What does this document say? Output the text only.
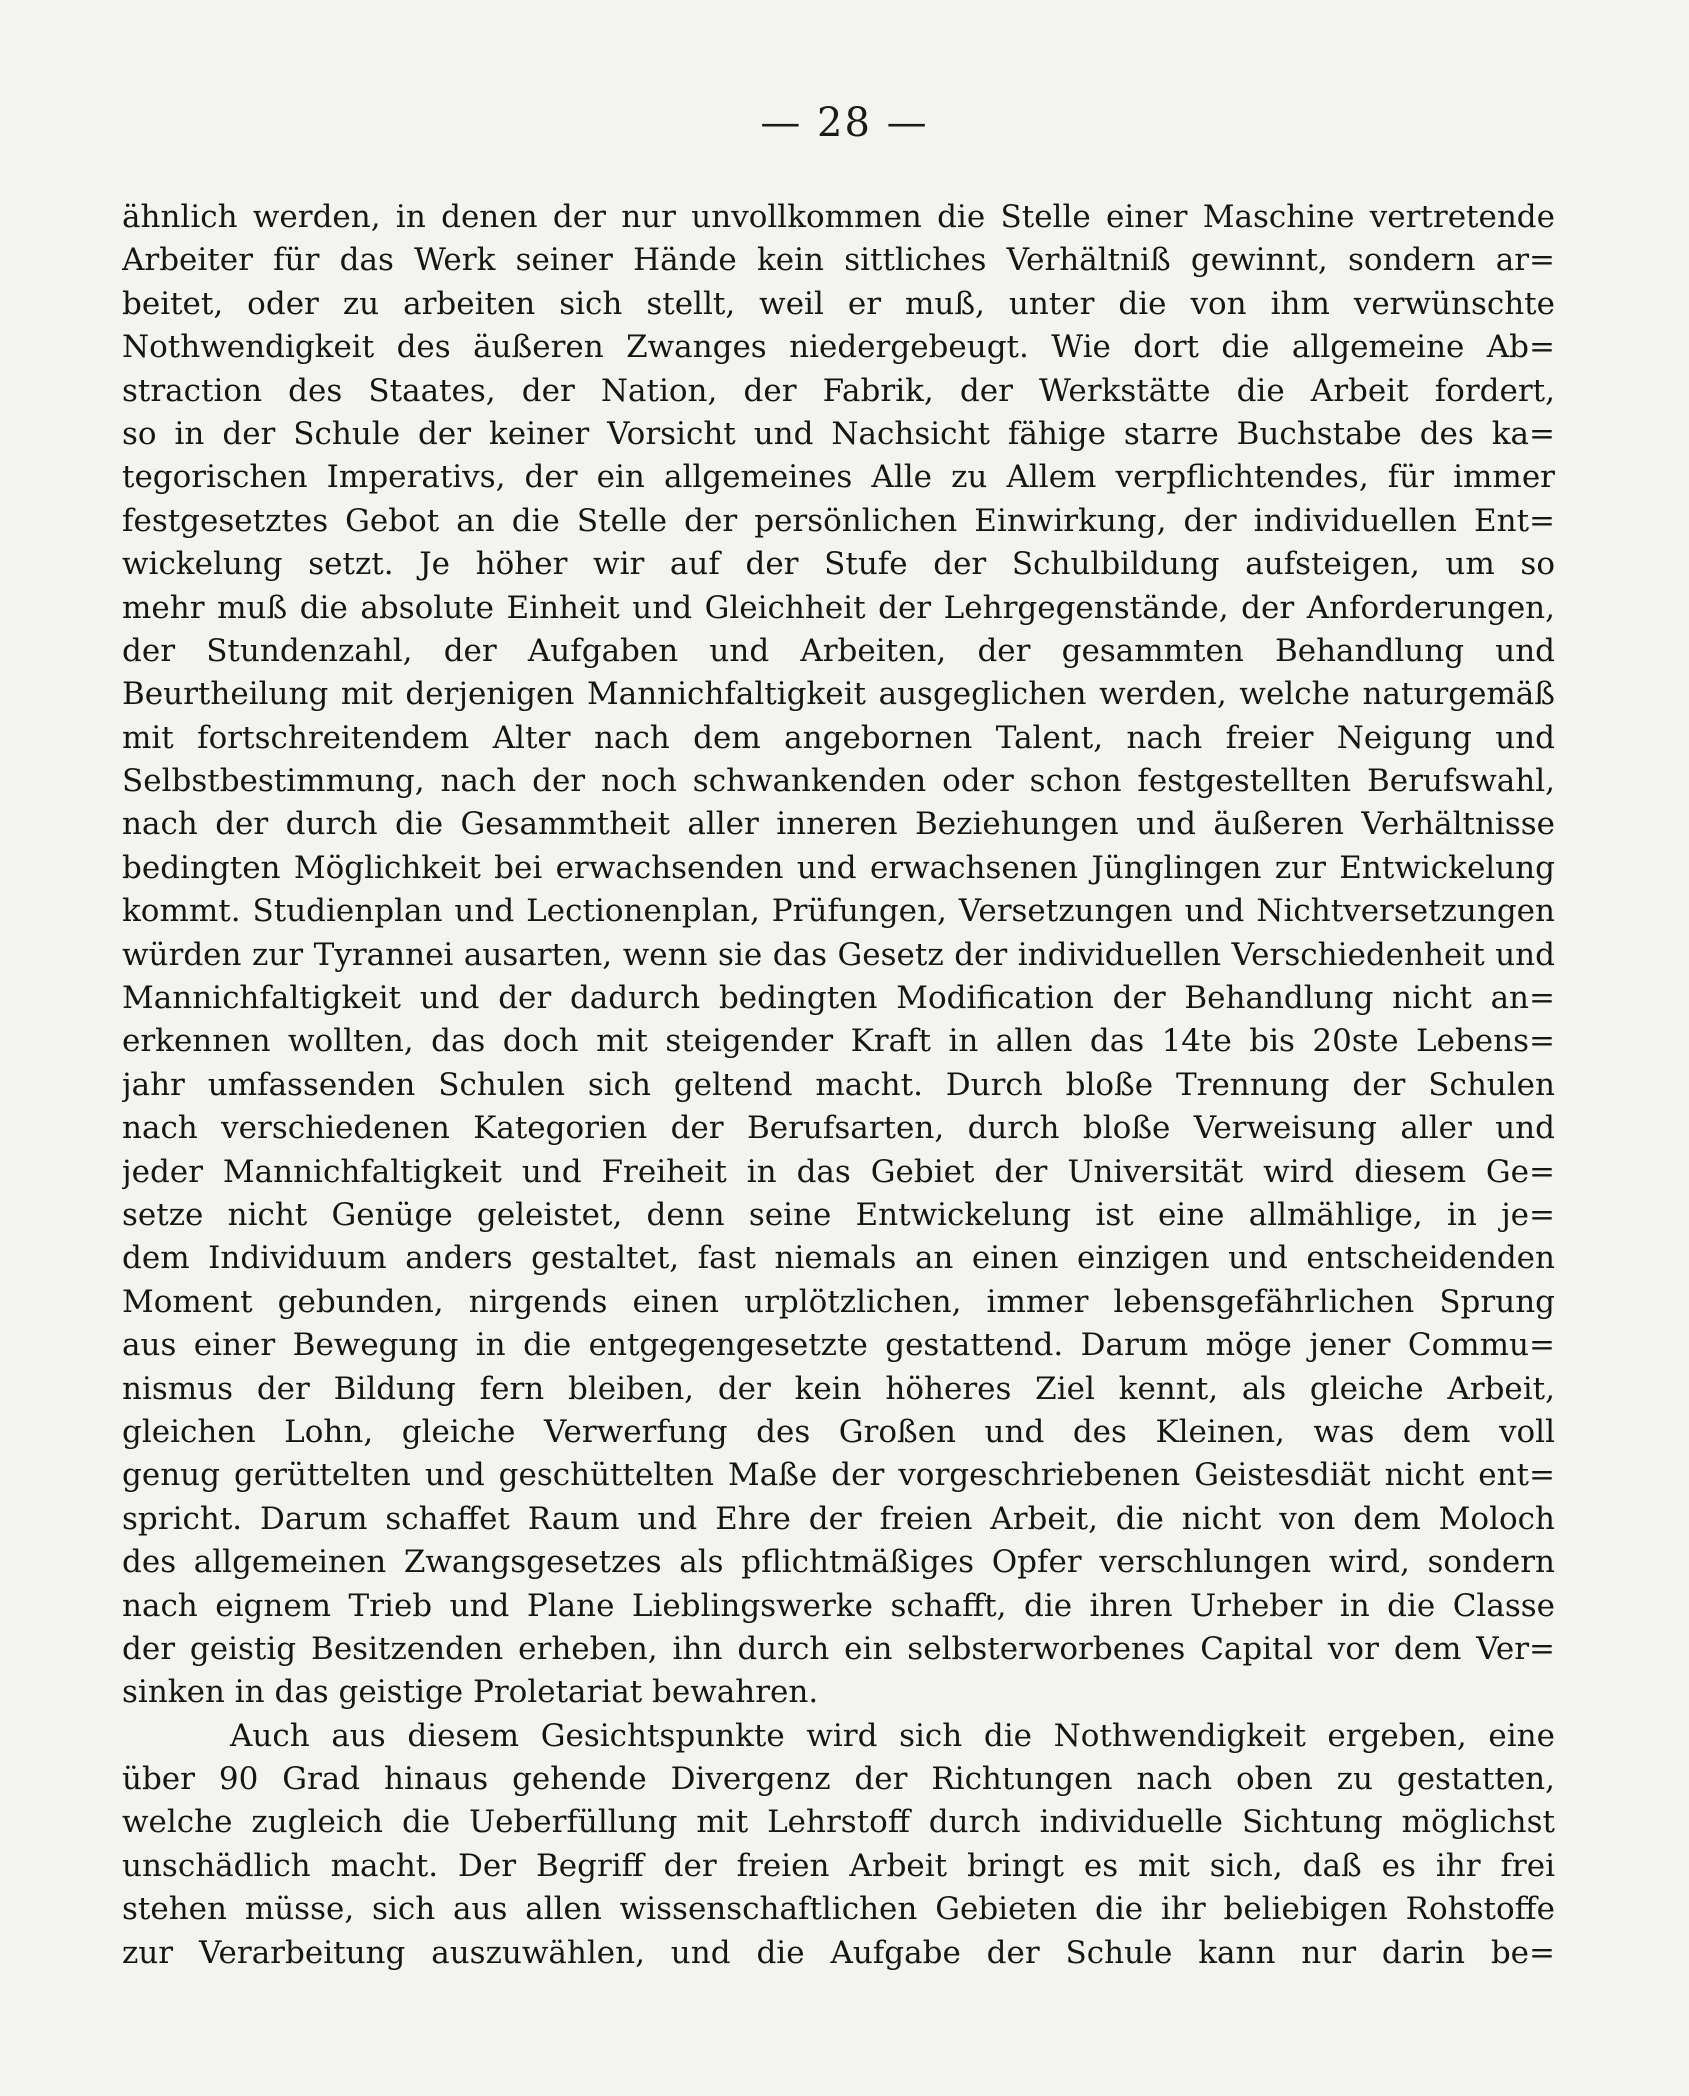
— 28 —
ähnlich werden, in denen der nur unvollkommen die Stelle einer Maschine vertretende
Arbeiter für das Werk seiner Hände kein sittliches Verhältniß gewinnt, sondern ar=
beitet, oder zu arbeiten sich stellt, weil er muß, unter die von ihm verwünschte
Nothwendigkeit des äußeren Zwanges niedergebeugt. Wie dort die allgemeine Ab=
straction des Staates, der Nation, der Fabrik, der Werkstätte die Arbeit fordert,
so in der Schule der keiner Vorsicht und Nachsicht fähige starre Buchstabe des ka=
tegorischen Imperativs, der ein allgemeines Alle zu Allem verpflichtendes, für immer
festgesetztes Gebot an die Stelle der persönlichen Einwirkung, der individuellen Ent=
wickelung setzt. Je höher wir auf der Stufe der Schulbildung aufsteigen, um so
mehr muß die absolute Einheit und Gleichheit der Lehrgegenstände, der Anforderungen,
der Stundenzahl, der Aufgaben und Arbeiten, der gesammten Behandlung und
Beurtheilung mit derjenigen Mannichfaltigkeit ausgeglichen werden, welche naturgemäß
mit fortschreitendem Alter nach dem angebornen Talent, nach freier Neigung und
Selbstbestimmung, nach der noch schwankenden oder schon festgestellten Berufswahl,
nach der durch die Gesammtheit aller inneren Beziehungen und äußeren Verhältnisse
bedingten Möglichkeit bei erwachsenden und erwachsenen Jünglingen zur Entwickelung
kommt. Studienplan und Lectionenplan, Prüfungen, Versetzungen und Nichtversetzungen
würden zur Tyrannei ausarten, wenn sie das Gesetz der individuellen Verschiedenheit und
Mannichfaltigkeit und der dadurch bedingten Modification der Behandlung nicht an=
erkennen wollten, das doch mit steigender Kraft in allen das 14te bis 20ste Lebens=
jahr umfassenden Schulen sich geltend macht. Durch bloße Trennung der Schulen
nach verschiedenen Kategorien der Berufsarten, durch bloße Verweisung aller und
jeder Mannichfaltigkeit und Freiheit in das Gebiet der Universität wird diesem Ge=
setze nicht Genüge geleistet, denn seine Entwickelung ist eine allmählige, in je=
dem Individuum anders gestaltet, fast niemals an einen einzigen und entscheidenden
Moment gebunden, nirgends einen urplötzlichen, immer lebensgefährlichen Sprung
aus einer Bewegung in die entgegengesetzte gestattend. Darum möge jener Commu=
nismus der Bildung fern bleiben, der kein höheres Ziel kennt, als gleiche Arbeit,
gleichen Lohn, gleiche Verwerfung des Großen und des Kleinen, was dem voll
genug gerüttelten und geschüttelten Maße der vorgeschriebenen Geistesdiät nicht ent=
spricht. Darum schaffet Raum und Ehre der freien Arbeit, die nicht von dem Moloch
des allgemeinen Zwangsgesetzes als pflichtmäßiges Opfer verschlungen wird, sondern
nach eignem Trieb und Plane Lieblingswerke schafft, die ihren Urheber in die Classe
der geistig Besitzenden erheben, ihn durch ein selbsterworbenes Capital vor dem Ver=
sinken in das geistige Proletariat bewahren.
Auch aus diesem Gesichtspunkte wird sich die Nothwendigkeit ergeben, eine
über 90 Grad hinaus gehende Divergenz der Richtungen nach oben zu gestatten,
welche zugleich die Ueberfüllung mit Lehrstoff durch individuelle Sichtung möglichst
unschädlich macht. Der Begriff der freien Arbeit bringt es mit sich, daß es ihr frei
stehen müsse, sich aus allen wissenschaftlichen Gebieten die ihr beliebigen Rohstoffe
zur Verarbeitung auszuwählen, und die Aufgabe der Schule kann nur darin be=
